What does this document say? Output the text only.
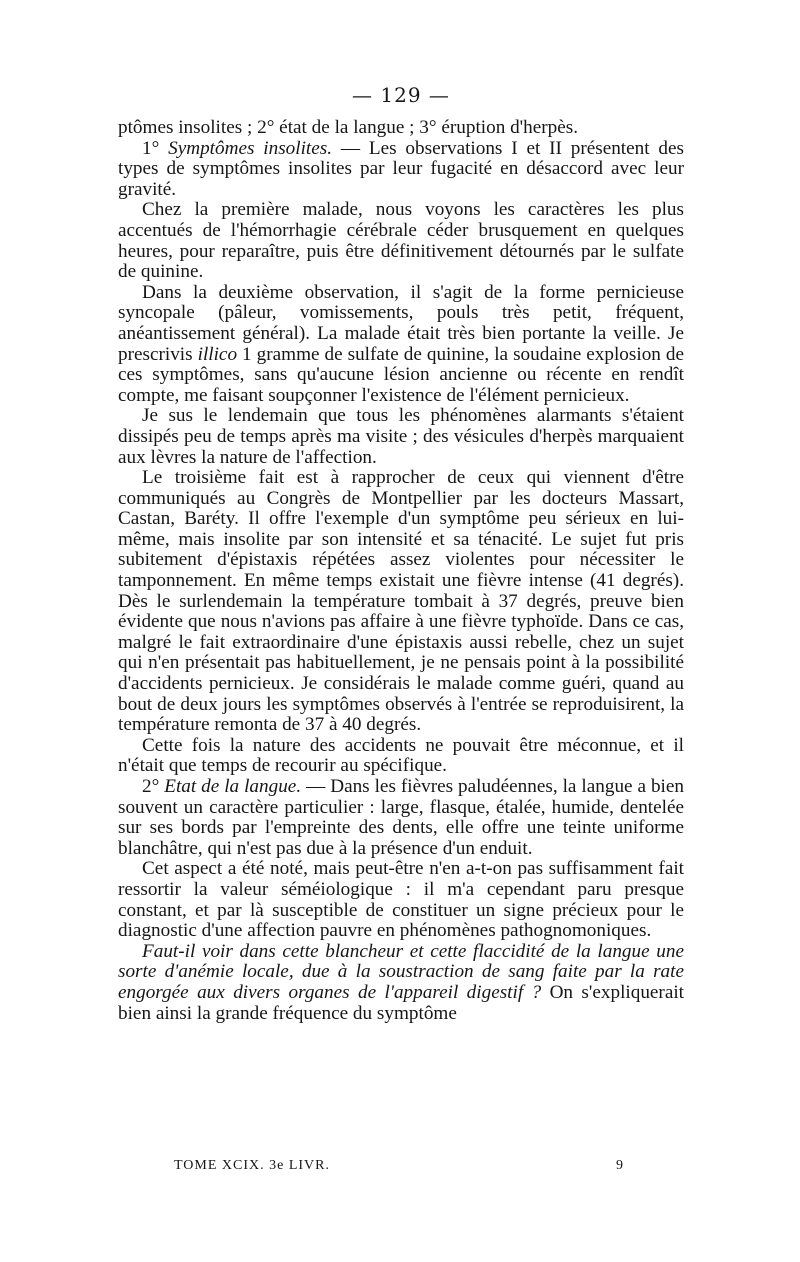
— 129 —

ptômes insolites ; 2° état de la langue ; 3° éruption d'herpès.

1° Symptômes insolites. — Les observations I et II présentent des types de symptômes insolites par leur fugacité en désaccord avec leur gravité.

Chez la première malade, nous voyons les caractères les plus accentués de l'hémorrhagie cérébrale céder brusquement en quelques heures, pour reparaître, puis être définitivement détournés par le sulfate de quinine.

Dans la deuxième observation, il s'agit de la forme pernicieuse syncopale (pâleur, vomissements, pouls très petit, fréquent, anéantissement général). La malade était très bien portante la veille. Je prescrivis illico 1 gramme de sulfate de quinine, la soudaine explosion de ces symptômes, sans qu'aucune lésion ancienne ou récente en rendît compte, me faisant soupçonner l'existence de l'élément pernicieux.

Je sus le lendemain que tous les phénomènes alarmants s'étaient dissipés peu de temps après ma visite ; des vésicules d'herpès marquaient aux lèvres la nature de l'affection.

Le troisième fait est à rapprocher de ceux qui viennent d'être communiqués au Congrès de Montpellier par les docteurs Massart, Castan, Baréty. Il offre l'exemple d'un symptôme peu sérieux en lui-même, mais insolite par son intensité et sa ténacité. Le sujet fut pris subitement d'épistaxis répétées assez violentes pour nécessiter le tamponnement. En même temps existait une fièvre intense (41 degrés). Dès le surlendemain la température tombait à 37 degrés, preuve bien évidente que nous n'avions pas affaire à une fièvre typhoïde. Dans ce cas, malgré le fait extraordinaire d'une épistaxis aussi rebelle, chez un sujet qui n'en présentait pas habituellement, je ne pensais point à la possibilité d'accidents pernicieux. Je considérais le malade comme guéri, quand au bout de deux jours les symptômes observés à l'entrée se reproduisirent, la température remonta de 37 à 40 degrés.

Cette fois la nature des accidents ne pouvait être méconnue, et il n'était que temps de recourir au spécifique.

2° Etat de la langue. — Dans les fièvres paludéennes, la langue a bien souvent un caractère particulier : large, flasque, étalée, humide, dentelée sur ses bords par l'empreinte des dents, elle offre une teinte uniforme blanchâtre, qui n'est pas due à la présence d'un enduit.

Cet aspect a été noté, mais peut-être n'en a-t-on pas suffisamment fait ressortir la valeur séméiologique : il m'a cependant paru presque constant, et par là susceptible de constituer un signe précieux pour le diagnostic d'une affection pauvre en phénomènes pathognomoniques.

Faut-il voir dans cette blancheur et cette flaccidité de la langue une sorte d'anémie locale, due à la soustraction de sang faite par la rate engorgée aux divers organes de l'appareil digestif ? On s'expliquerait bien ainsi la grande fréquence du symptôme

TOME XCIX. 3e LIVR.	9
